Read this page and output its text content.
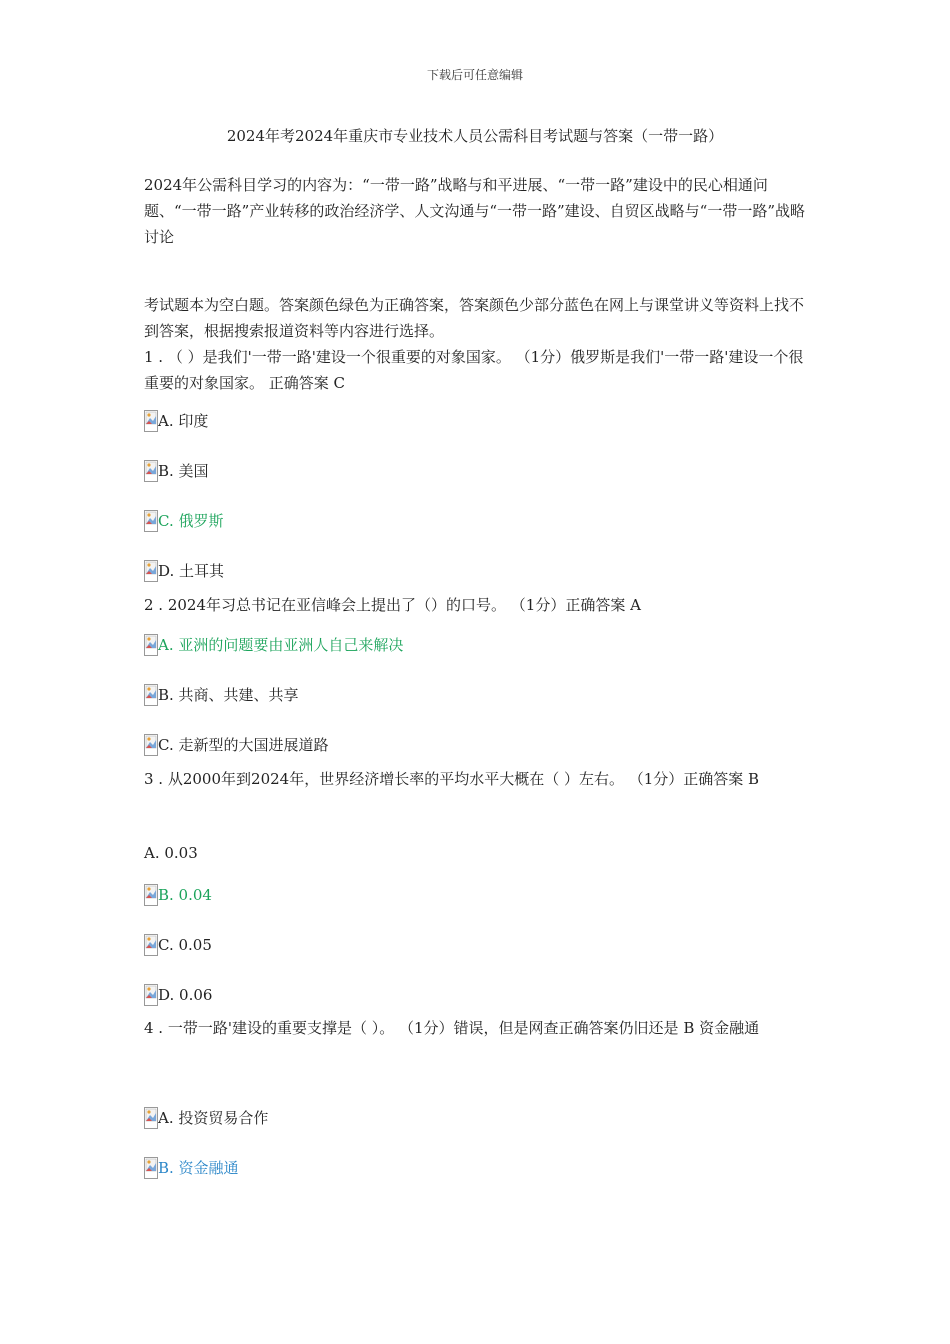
下载后可任意编辑
2024年考2024年重庆市专业技术人员公需科目考试题与答案（一带一路）
2024年公需科目学习的内容为：“一带一路”战略与和平进展、“一带一路”建设中的民心相通问题、“一带一路”产业转移的政治经济学、人文沟通与“一带一路”建设、自贸区战略与“一带一路”战略讨论
考试题本为空白题。答案颜色绿色为正确答案，答案颜色少部分蓝色在网上与课堂讲义等资料上找不到答案，根据搜索报道资料等内容进行选择。
1 . （ ）是我们'一带一路'建设一个很重要的对象国家。 （1分）俄罗斯是我们'一带一路'建设一个很重要的对象国家。 正确答案 C
A. 印度
B. 美国
C. 俄罗斯
D. 土耳其
2 . 2024年习总书记在亚信峰会上提出了（）的口号。 （1分）正确答案 A
A. 亚洲的问题要由亚洲人自己来解决
B. 共商、共建、共享
C. 走新型的大国进展道路
3 . 从2000年到2024年，世界经济增长率的平均水平大概在（ ）左右。 （1分）正确答案 B
A. 0.03
B. 0.04
C. 0.05
D. 0.06
4 . 一带一路'建设的重要支撑是（ ）。 （1分）错误，但是网查正确答案仍旧还是 B 资金融通
A. 投资贸易合作
B. 资金融通
